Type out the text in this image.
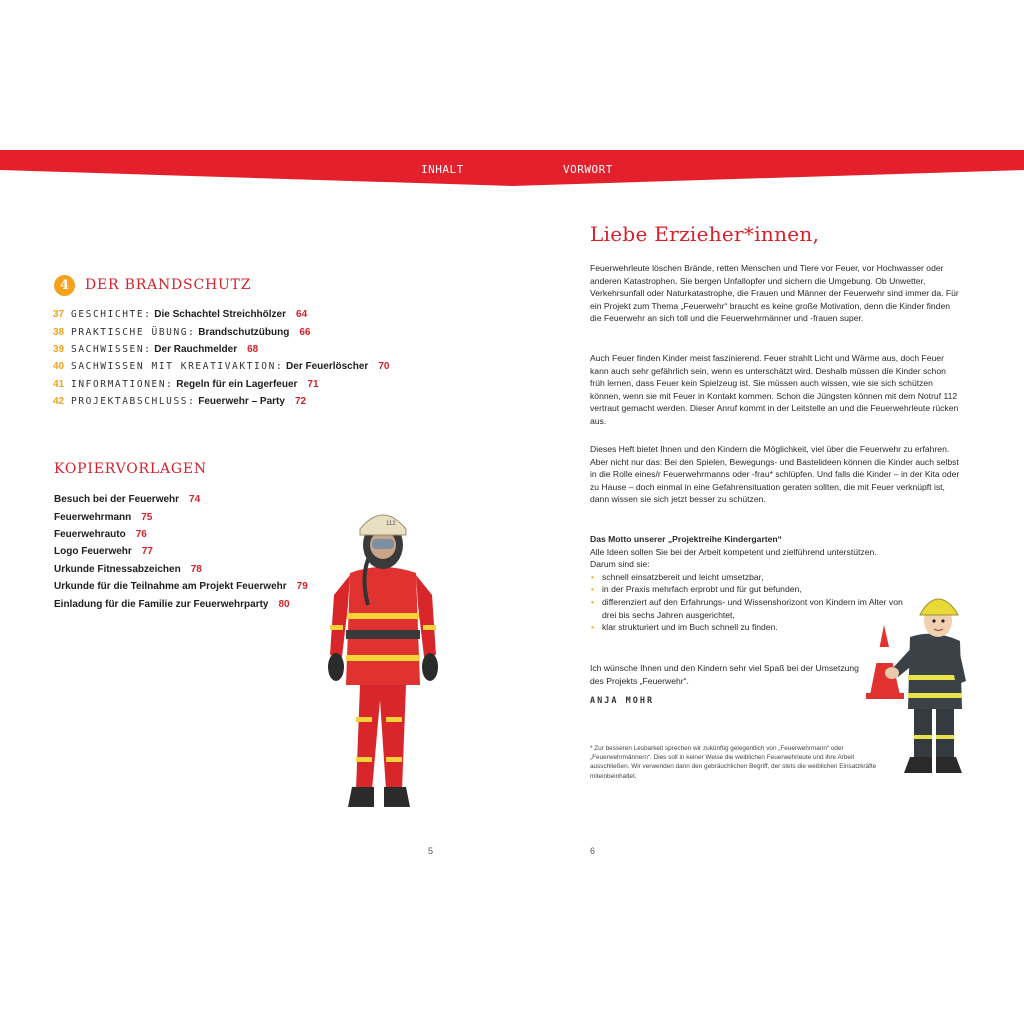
INHALT	VORWORT
4	DER BRANDSCHUTZ
37 GESCHICHTE:
Die Schachtel Streichhölzer 64
38 PRAKTISCHE ÜBUNG:
Brandschutzübung 66
39 SACHWISSEN:
Der Rauchmelder 68
40 SACHWISSEN MIT KREATIVAKTION:
Der Feuerlöscher 70
41 INFORMATIONEN:
Regeln für ein Lagerfeuer 71
42 PROJEKTABSCHLUSS:
Feuerwehr – Party 72
KOPIERVORLAGEN
Besuch bei der Feuerwehr 74
Feuerwehrmann 75
Feuerwehrauto 76
Logo Feuerwehr 77
Urkunde Fitnessabzeichen 78
Urkunde für die Teilnahme am Projekt Feuerwehr 79
Einladung für die Familie zur Feuerwehrparty 80
112
5
Liebe Erzieher*innen,

Feuerwehrleute löschen Brände, retten Menschen und Tiere vor Feuer, vor Hochwasser oder anderen Katastrophen. Sie bergen Unfallopfer und sichern die Umgebung. Ob Unwetter, Verkehrsunfall oder Naturkatastrophe, die Frauen und Männer der Feuerwehr sind immer da. Für ein Projekt zum Thema „Feuerwehr“ braucht es keine große Motivation, denn die Kinder finden die Feuerwehr an sich toll und die Feuerwehrmänner und -frauen super.

Auch Feuer finden Kinder meist faszinierend. Feuer strahlt Licht und Wärme aus, doch Feuer kann auch sehr gefährlich sein, wenn es unterschätzt wird. Deshalb müssen die Kinder schon früh lernen, dass Feuer kein Spielzeug ist. Sie müssen auch wissen, wie sie sich schützen können, wenn sie mit Feuer in Kontakt kommen. Schon die Jüngsten können mit dem Notruf 112 vertraut gemacht werden. Dieser Anruf kommt in der Leitstelle an und die Feuerwehrleute rücken aus.

Dieses Heft bietet Ihnen und den Kindern die Möglichkeit, viel über die Feuerwehr zu erfahren. Aber nicht nur das: Bei den Spielen, Bewegungs- und Bastelideen können die Kinder auch selbst in die Rolle eines/r Feuerwehrmanns oder -frau* schlüpfen. Und falls die Kinder – in der Kita oder zu Hause – doch einmal in eine Gefahrensituation geraten sollten, die mit Feuer verknüpft ist, dann wissen sie sich jetzt besser zu schützen.

Das Motto unserer „Projektreihe Kindergarten“

Alle Ideen sollen Sie bei der Arbeit kompetent und zielführend unterstützen.

Darum sind sie:

• schnell einsatzbereit und leicht umsetzbar,
• in der Praxis mehrfach erprobt und für gut befunden,
• differenziert auf den Erfahrungs- und Wissenshorizont von Kindern im Alter von drei bis sechs Jahren ausgerichtet,
• klar strukturiert und im Buch schnell zu finden.

Ich wünsche Ihnen und den Kindern sehr viel Spaß bei der Umsetzung des Projekts „Feuerwehr“.

ANJA MOHR
* Zur besseren Lesbarkeit sprechen wir zukünftig gelegentlich von „Feuerwehrmann“ oder „Feuerwehrmännern“. Dies soll in keiner Weise die weiblichen Feuerwehrleute und ihre Arbeit ausschließen. Wir verwenden dann den gebräuchlichen Begriff, der stets die weiblichen Einsatzkräfte miteinbeinhaltet.
6
